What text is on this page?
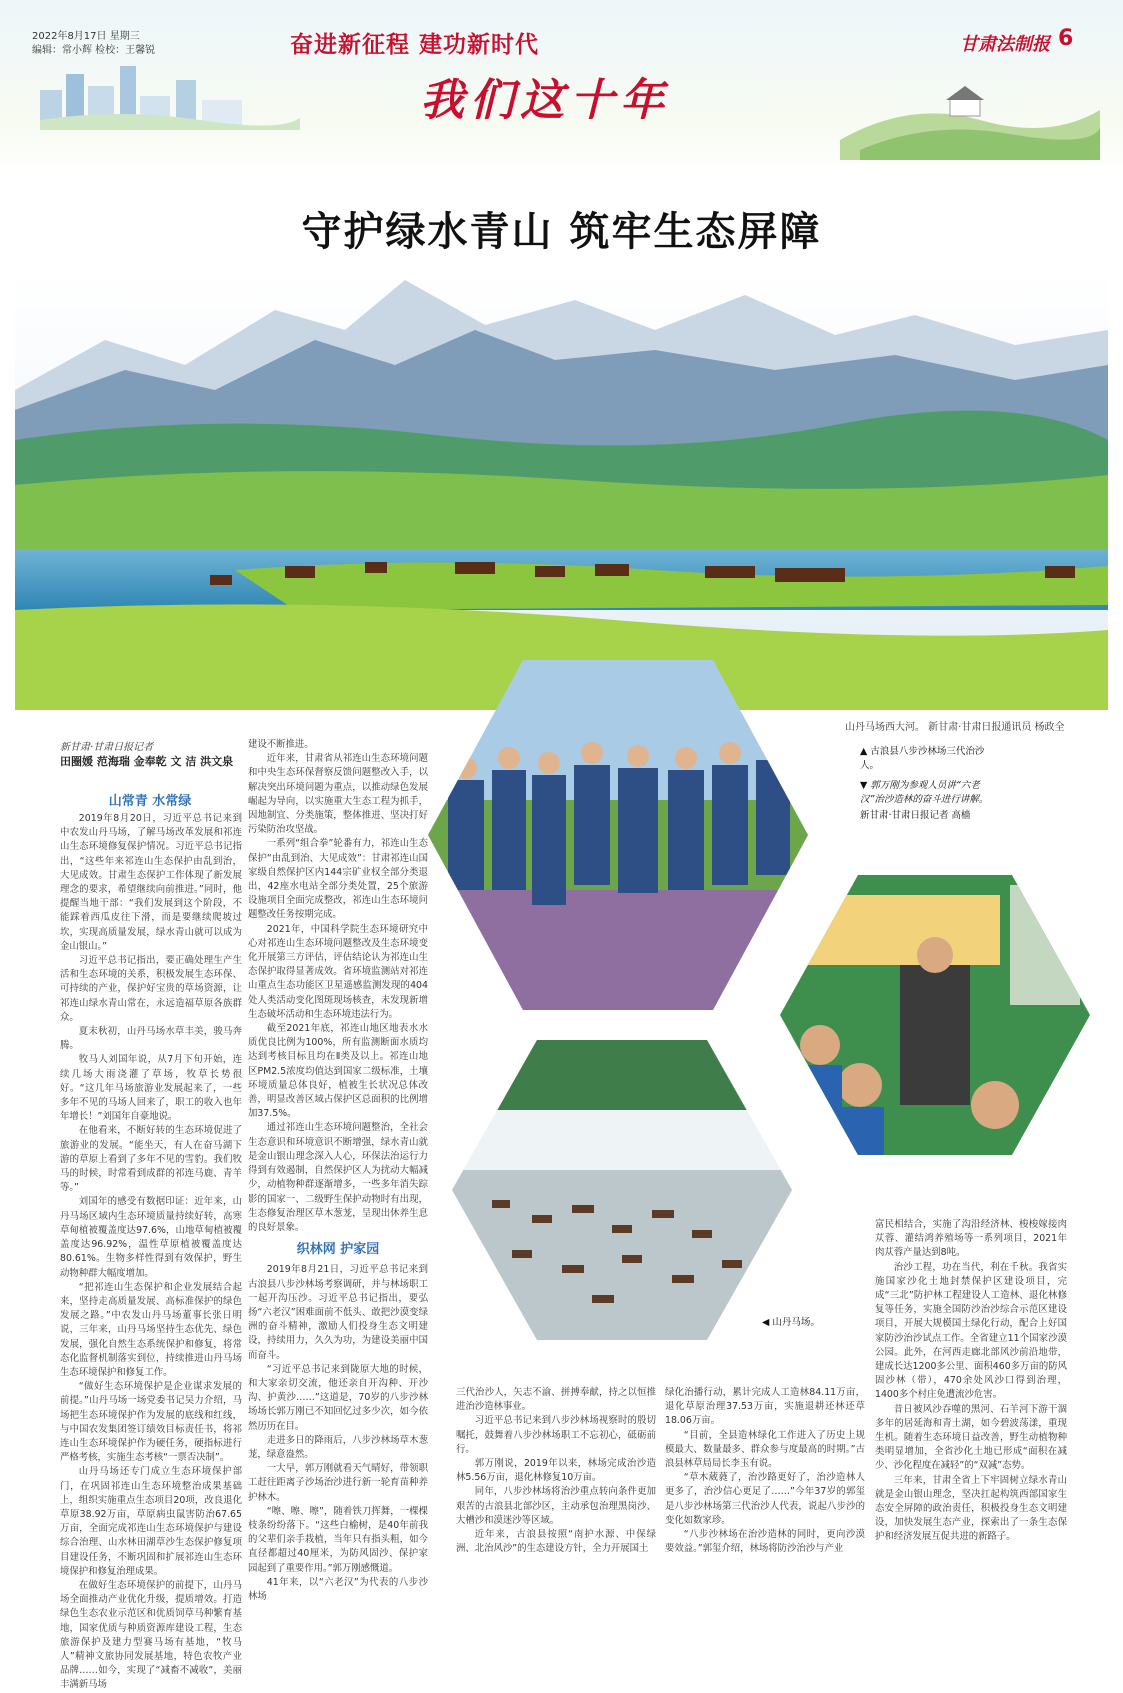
2022年8月17日 星期三
编辑：常小辉 检校：王馨锐	奋进新征程 建功新时代
我们这十年
甘肃法制报 6
守护绿水青山 筑牢生态屏障
山丹马场西大河。 新甘肃·甘肃日报通讯员 杨政全
新甘肃·甘肃日报记者
田圈媛 范海瑞 金奉乾 文 洁 洪文泉
山常青 水常绿

2019年8月20日，习近平总书记来到中农发山丹马场，了解马场改革发展和祁连山生态环境修复保护情况。习近平总书记指出，“这些年来祁连山生态保护由乱到治，大见成效。甘肃生态保护工作体现了新发展理念的要求，希望继续向前推进。”同时，他提醒当地干部：“我们发展到这个阶段，不能踩着西瓜皮往下滑，而是要继续爬坡过坎，实现高质量发展，绿水青山就可以成为金山银山。”

习近平总书记指出，要正确处理生产生活和生态环境的关系，积极发展生态环保、可持续的产业，保护好宝贵的草场资源，让祁连山绿水青山常在，永远造福草原各族群众。

夏末秋初，山丹马场水草丰美，骏马奔腾。

牧马人刘国年说，从7月下旬开始，连续几场大雨浇灌了草场，牧草长势很好。“这几年马场旅游业发展起来了，一些多年不见的马场人回来了，职工的收入也年年增长！”刘国年自豪地说。

在他看来，不断好转的生态环境促进了旅游业的发展。“能坐天，有人在奋马湖下游的草原上看到了多年不见的雪豹。我们牧马的时候，时常看到成群的祁连马鹿、青羊等。”

刘国年的感受有数据印证：近年来，山丹马场区域内生态环境质量持续好转，高寒草甸植被覆盖度达97.6%，山地草甸植被覆盖度达96.92%，温性草原植被覆盖度达80.61%。生物多样性得到有效保护，野生动物种群大幅度增加。

“把祁连山生态保护和企业发展结合起来，坚持走高质量发展、高标准保护的绿色发展之路。”中农发山丹马场董事长张日明说，三年来，山丹马场坚持生态优先、绿色发展，强化自然生态系统保护和修复，将常态化监督机制落实到位，持续推进山丹马场生态环境保护和修复工作。

“做好生态环境保护是企业谋求发展的前提。”山丹马场一场党委书记吴力介绍，马场把生态环境保护作为发展的底线和红线，与中国农发集团签订绩效目标责任书，将祁连山生态环境保护作为硬任务，硬指标进行严格考核，实施生态考核“一票否决制”。

山丹马场还专门成立生态环境保护部门，在巩固祁连山生态环境整治成果基础上，组织实施重点生态项目20项，改良退化草原38.92万亩，草原病虫鼠害防治67.65万亩，全面完成祁连山生态环境保护与建设综合治理、山水林田湖草沙生态保护修复项目建设任务，不断巩固和扩展祁连山生态环境保护和修复治理成果。

在做好生态环境保护的前提下，山丹马场全面推动产业优化升级，提质增效。打造绿色生态农业示范区和优质饲草马种繁育基地，国家优质与种质资源库建设工程，生态旅游保护及建力型赛马场有基地，“牧马人”精神文旅协同发展基地，特色农牧产业品牌……如今，实现了“减畜不减收”，美丽丰满新马场

建设不断推进。

近年来，甘肃省从祁连山生态环境问题和中央生态环保督察反馈问题整改入手，以解决突出环境问题为重点，以推动绿色发展崛起为导向，以实施重大生态工程为抓手，因地制宜、分类施策，整体推进、坚决打好污染防治攻坚战。

一系列“组合拳”轮番有力，祁连山生态保护“由乱到治、大见成效”：甘肃祁连山国家级自然保护区内144宗矿业权全部分类退出，42座水电站全部分类处置，25个旅游设施项目全面完成整改，祁连山生态环境问题整改任务按期完成。

2021年，中国科学院生态环境研究中心对祁连山生态环境问题整改及生态环境变化开展第三方评估，评估结论认为祁连山生态保护取得显著成效。省环境监测站对祁连山重点生态功能区卫星遥感监测发现的404处人类活动变化图斑现场核查，未发现新增生态破坏活动和生态环境违法行为。

截至2021年底，祁连山地区地表水水质优良比例为100%，所有监测断面水质均达到考核目标且均在Ⅱ类及以上。祁连山地区PM2.5浓度均值达到国家二级标准，土壤环境质量总体良好，植被生长状况总体改善，明显改善区域占保护区总面积的比例增加37.5%。

通过祁连山生态环境问题整治，全社会生态意识和环境意识不断增强，绿水青山就是金山银山理念深入人心，环保法治运行力得到有效遏制，自然保护区人为扰动大幅减少，动植物种群逐渐增多，一些多年消失踪影的国家一、二级野生保护动物时有出现，生态修复治理区草木葱茏，呈现出休养生息的良好景象。

织林网 护家园

2019年8月21日，习近平总书记来到古浪县八步沙林场考察调研，并与林场职工一起开沟压沙。习近平总书记指出，要弘扬“六老汉”困难面前不低头、敢把沙漠变绿洲的奋斗精神，激励人们投身生态文明建设，持续用力，久久为功，为建设美丽中国而奋斗。

“习近平总书记来到陇原大地的时候，和大家亲切交流，他还亲自开沟种、开沙沟、护黄沙……”这道是，70岁的八步沙林场场长郭万刚已不知回忆过多少次，如今依然历历在目。

走进多日的降雨后，八步沙林场草木葱茏，绿意盎然。

一大早，郭万刚就看天气晴好，带领职工赶往距离子沙场治沙进行新一轮育苗种养护林木。

“嚓、嚓、嚓”，随着铁刀挥舞，一棵棵枝条纷纷落下。“这些白榆树，是40年前我的父辈们亲手栽植，当年只有指头粗，如今直径都超过40厘米，为防风固沙、保护家园起到了重要作用。”郭万刚感慨道。

41年来，以“六老汉”为代表的八步沙林场

▲ 古浪县八步沙林场三代治沙人。
▼ 郭万刚为参观人员讲“六老汉”治沙造林的奋斗进行讲解。
新甘肃·甘肃日报记者 高樯
◀ 山丹马场。

三代治沙人，矢志不渝、拼搏奉献，持之以恒推进治沙造林事业。

习近平总书记来到八步沙林场视察时的殷切嘱托，鼓舞着八步沙林场职工不忘初心，砥砺前行。

郭万刚说，2019年以来，林场完成治沙造林5.56万亩，退化林修复10万亩。

同年，八步沙林场将治沙重点转向条件更加艰苦的古浪县北部沙区，主动承包治理黑岗沙、大槽沙和漠迷沙等区域。

近年来，古浪县按照“南护水源、中保绿洲、北治风沙”的生态建设方针，全力开展国土

绿化治播行动，累计完成人工造林84.11万亩，退化草原治理37.53万亩，实施退耕还林还草18.06万亩。

“目前，全县造林绿化工作进入了历史上规模最大、数量最多、群众参与度最高的时期。”古浪县林草局局长李玉有说。

“草木葳蕤了，治沙路更好了，治沙造林人更多了，治沙信心更足了……”今年37岁的郭玺是八步沙林场第三代治沙人代表，说起八步沙的变化如数家珍。

“八步沙林场在治沙造林的同时，更向沙漠要效益。”郭玺介绍，林场将防沙治沙与产业

富民相结合，实施了沟沿经济林、梭梭嫁接肉苁蓉、灌结鸿养殖场等一系列项目，2021年肉苁蓉产量达到8吨。

治沙工程，功在当代，利在千秋。我省实施国家沙化土地封禁保护区建设项目，完成“三北”防护林工程建设人工造林、退化林修复等任务，实施全国防沙治沙综合示范区建设项目，开展大规模国土绿化行动，配合上好国家防沙治沙试点工作。全省建立11个国家沙漠公园。此外，在河西走廊北部风沙前沿地带，建成长达1200多公里、面积460多万亩的防风固沙林（带），470余处风沙口得到治理，1400多个村庄免遭流沙危害。

昔日被风沙吞噬的黑河、石羊河下游干涸多年的居延海和青土湖，如今碧波荡漾，重现生机。随着生态环境日益改善，野生动植物种类明显增加，全省沙化土地已形成“面积在减少、沙化程度在减轻”的“双减”态势。

三年来，甘肃全省上下牢固树立绿水青山就是金山银山理念，坚决扛起构筑西部国家生态安全屏障的政治责任，积极投身生态文明建设，加快发展生态产业，探索出了一条生态保护和经济发展互促共进的新路子。
